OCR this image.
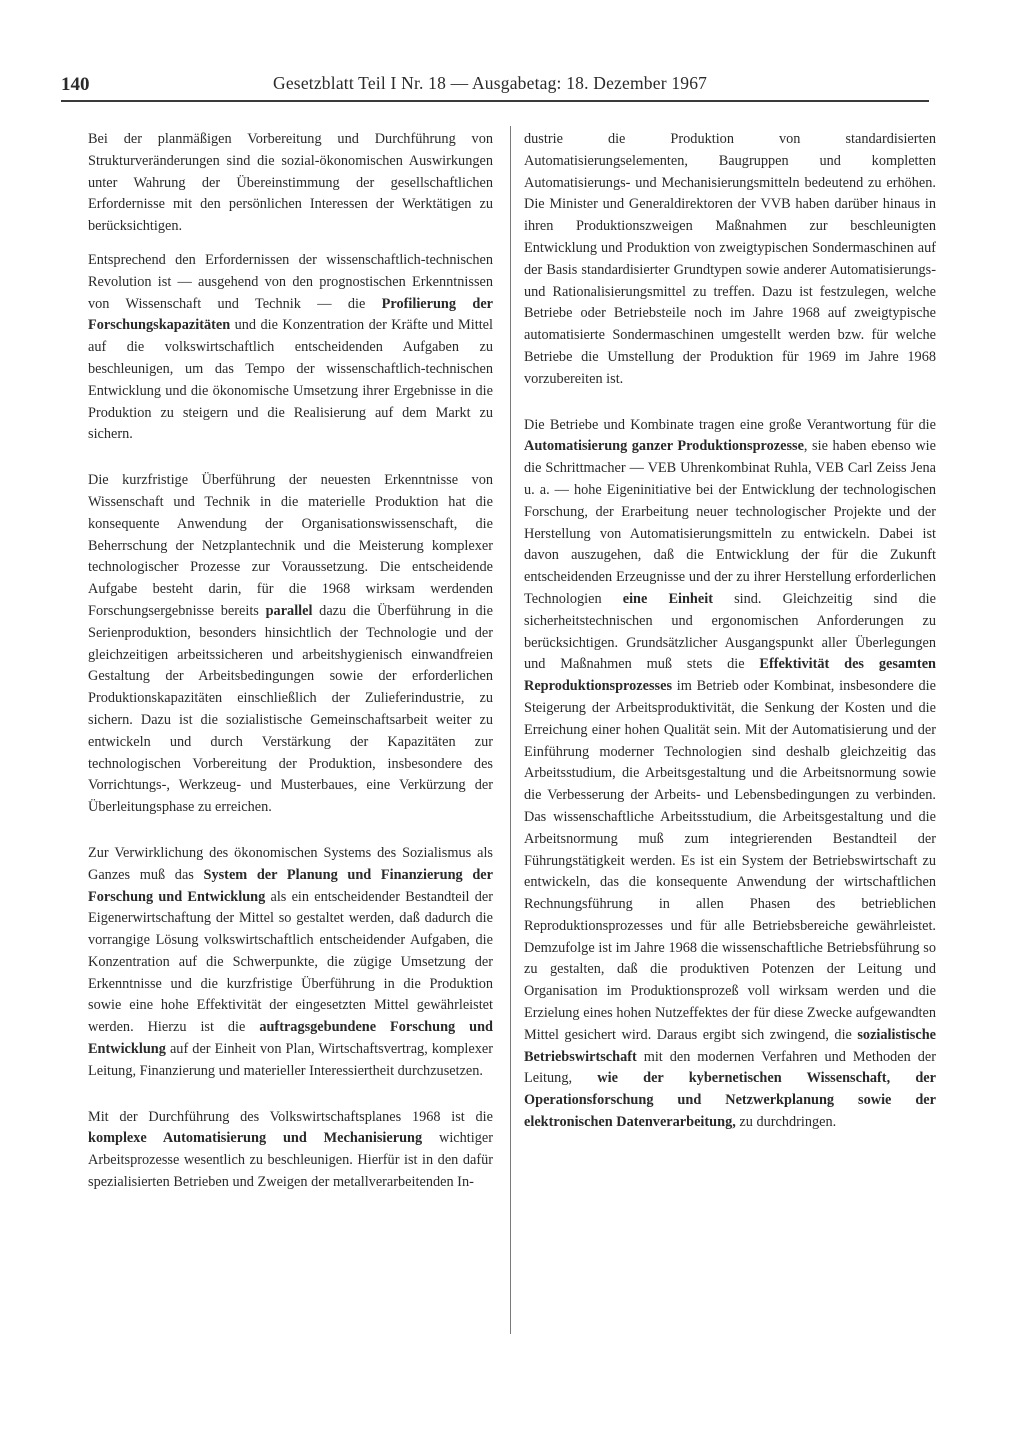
140	Gesetzblatt Teil I Nr. 18 — Ausgabetag: 18. Dezember 1967

Bei der planmäßigen Vorbereitung und Durchführung von Strukturveränderungen sind die sozial-ökonomischen Auswirkungen unter Wahrung der Übereinstimmung der gesellschaftlichen Erfordernisse mit den persönlichen Interessen der Werktätigen zu berücksichtigen.

Entsprechend den Erfordernissen der wissenschaftlich-technischen Revolution ist — ausgehend von den prognostischen Erkenntnissen von Wissenschaft und Technik — die Profilierung der Forschungskapazitäten und die Konzentration der Kräfte und Mittel auf die volkswirtschaftlich entscheidenden Aufgaben zu beschleunigen, um das Tempo der wissenschaftlich-technischen Entwicklung und die ökonomische Umsetzung ihrer Ergebnisse in die Produktion zu steigern und die Realisierung auf dem Markt zu sichern.

Die kurzfristige Überführung der neuesten Erkenntnisse von Wissenschaft und Technik in die materielle Produktion hat die konsequente Anwendung der Organisationswissenschaft, die Beherrschung der Netzplantechnik und die Meisterung komplexer technologischer Prozesse zur Voraussetzung. Die entscheidende Aufgabe besteht darin, für die 1968 wirksam werdenden Forschungsergebnisse bereits parallel dazu die Überführung in die Serienproduktion, besonders hinsichtlich der Technologie und der gleichzeitigen arbeitssicheren und arbeitshygienisch einwandfreien Gestaltung der Arbeitsbedingungen sowie der erforderlichen Produktionskapazitäten einschließlich der Zulieferindustrie, zu sichern. Dazu ist die sozialistische Gemeinschaftsarbeit weiter zu entwickeln und durch Verstärkung der Kapazitäten zur technologischen Vorbereitung der Produktion, insbesondere des Vorrichtungs-, Werkzeug- und Musterbaues, eine Verkürzung der Überleitungsphase zu erreichen.

Zur Verwirklichung des ökonomischen Systems des Sozialismus als Ganzes muß das System der Planung und Finanzierung der Forschung und Entwicklung als ein entscheidender Bestandteil der Eigenerwirtschaftung der Mittel so gestaltet werden, daß dadurch die vorrangige Lösung volkswirtschaftlich entscheidender Aufgaben, die Konzentration auf die Schwerpunkte, die zügige Umsetzung der Erkenntnisse und die kurzfristige Überführung in die Produktion sowie eine hohe Effektivität der eingesetzten Mittel gewährleistet werden. Hierzu ist die auftragsgebundene Forschung und Entwicklung auf der Einheit von Plan, Wirtschaftsvertrag, komplexer Leitung, Finanzierung und materieller Interessiertheit durchzusetzen.

Mit der Durchführung des Volkswirtschaftsplanes 1968 ist die komplexe Automatisierung und Mechanisierung wichtiger Arbeitsprozesse wesentlich zu beschleunigen. Hierfür ist in den dafür spezialisierten Betrieben und Zweigen der metallverarbeitenden In-

dustrie die Produktion von standardisierten Automatisierungselementen, Baugruppen und kompletten Automatisierungs- und Mechanisierungsmitteln bedeutend zu erhöhen. Die Minister und Generaldirektoren der VVB haben darüber hinaus in ihren Produktionszweigen Maßnahmen zur beschleunigten Entwicklung und Produktion von zweigtypischen Sondermaschinen auf der Basis standardisierter Grundtypen sowie anderer Automatisierungs- und Rationalisierungsmittel zu treffen. Dazu ist festzulegen, welche Betriebe oder Betriebsteile noch im Jahre 1968 auf zweigtypische automatisierte Sondermaschinen umgestellt werden bzw. für welche Betriebe die Umstellung der Produktion für 1969 im Jahre 1968 vorzubereiten ist.

Die Betriebe und Kombinate tragen eine große Verantwortung für die Automatisierung ganzer Produktionsprozesse, sie haben ebenso wie die Schrittmacher — VEB Uhrenkombinat Ruhla, VEB Carl Zeiss Jena u. a. — hohe Eigeninitiative bei der Entwicklung der technologischen Forschung, der Erarbeitung neuer technologischer Projekte und der Herstellung von Automatisierungsmitteln zu entwickeln. Dabei ist davon auszugehen, daß die Entwicklung der für die Zukunft entscheidenden Erzeugnisse und der zu ihrer Herstellung erforderlichen Technologien eine Einheit sind. Gleichzeitig sind die sicherheitstechnischen und ergonomischen Anforderungen zu berücksichtigen. Grundsätzlicher Ausgangspunkt aller Überlegungen und Maßnahmen muß stets die Effektivität des gesamten Reproduktionsprozesses im Betrieb oder Kombinat, insbesondere die Steigerung der Arbeitsproduktivität, die Senkung der Kosten und die Erreichung einer hohen Qualität sein. Mit der Automatisierung und der Einführung moderner Technologien sind deshalb gleichzeitig das Arbeitsstudium, die Arbeitsgestaltung und die Arbeitsnormung sowie die Verbesserung der Arbeits- und Lebensbedingungen zu verbinden. Das wissenschaftliche Arbeitsstudium, die Arbeitsgestaltung und die Arbeitsnormung muß zum integrierenden Bestandteil der Führungstätigkeit werden. Es ist ein System der Betriebswirtschaft zu entwickeln, das die konsequente Anwendung der wirtschaftlichen Rechnungsführung in allen Phasen des betrieblichen Reproduktionsprozesses und für alle Betriebsbereiche gewährleistet. Demzufolge ist im Jahre 1968 die wissenschaftliche Betriebsführung so zu gestalten, daß die produktiven Potenzen der Leitung und Organisation im Produktionsprozeß voll wirksam werden und die Erzielung eines hohen Nutzeffektes der für diese Zwecke aufgewandten Mittel gesichert wird. Daraus ergibt sich zwingend, die sozialistische Betriebswirtschaft mit den modernen Verfahren und Methoden der Leitung, wie der kybernetischen Wissenschaft, der Operationsforschung und Netzwerkplanung sowie der elektronischen Datenverarbeitung, zu durchdringen.
